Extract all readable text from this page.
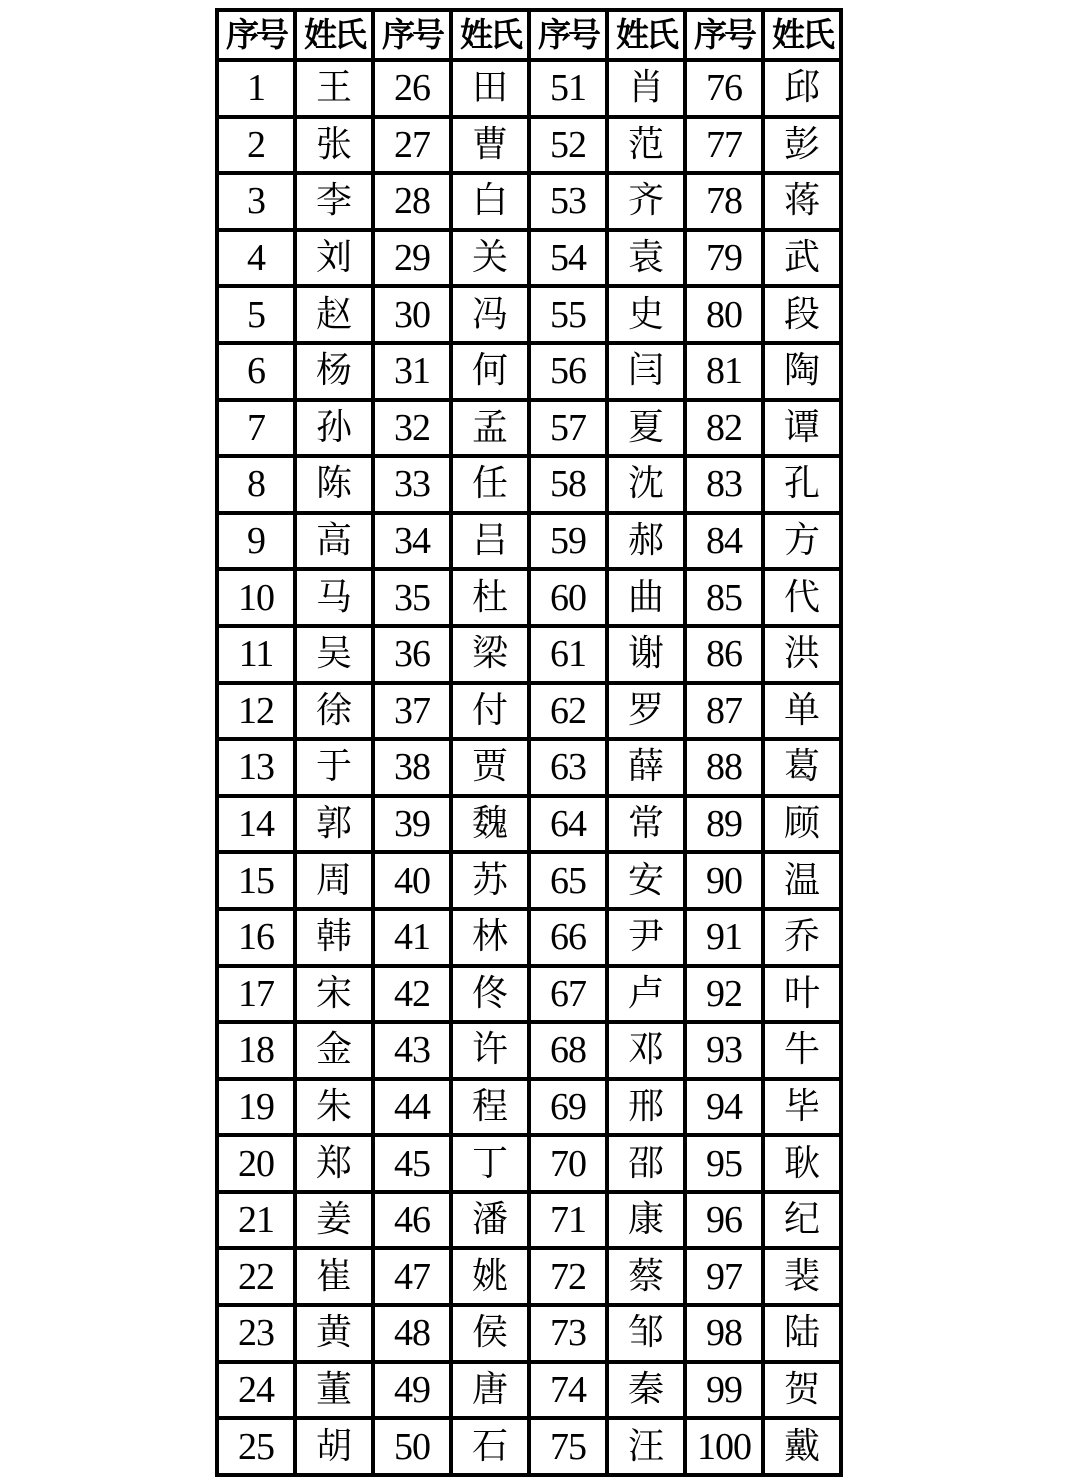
序号	姓氏	序号	姓氏	序号	姓氏	序号	姓氏
1	王	26	田	51	肖	76	邱
2	张	27	曹	52	范	77	彭
3	李	28	白	53	齐	78	蒋
4	刘	29	关	54	袁	79	武
5	赵	30	冯	55	史	80	段
6	杨	31	何	56	闫	81	陶
7	孙	32	孟	57	夏	82	谭
8	陈	33	任	58	沈	83	孔
9	高	34	吕	59	郝	84	方
10	马	35	杜	60	曲	85	代
11	吴	36	梁	61	谢	86	洪
12	徐	37	付	62	罗	87	单
13	于	38	贾	63	薛	88	葛
14	郭	39	魏	64	常	89	顾
15	周	40	苏	65	安	90	温
16	韩	41	林	66	尹	91	乔
17	宋	42	佟	67	卢	92	叶
18	金	43	许	68	邓	93	牛
19	朱	44	程	69	邢	94	毕
20	郑	45	丁	70	邵	95	耿
21	姜	46	潘	71	康	96	纪
22	崔	47	姚	72	蔡	97	裴
23	黄	48	侯	73	邹	98	陆
24	董	49	唐	74	秦	99	贺
25	胡	50	石	75	汪	100	戴
